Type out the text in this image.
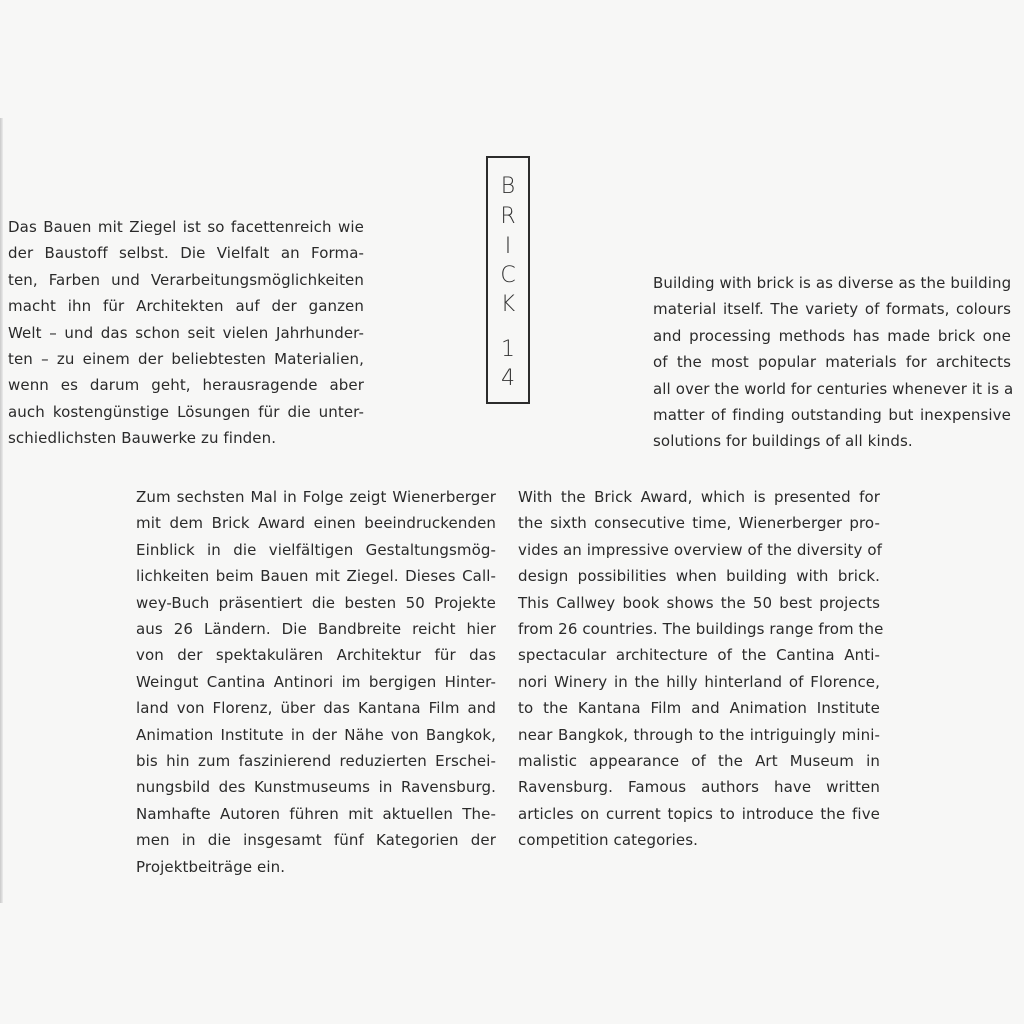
B
R
I
C
K
1
4
Das Bauen mit Ziegel ist so facettenreich wie
der Baustoff selbst. Die Vielfalt an Forma-
ten, Farben und Verarbeitungsmöglichkeiten
macht ihn für Architekten auf der ganzen
Welt – und das schon seit vielen Jahrhunder-
ten – zu einem der beliebtesten Materialien,
wenn es darum geht, herausragende aber
auch kostengünstige Lösungen für die unter-
schiedlichsten Bauwerke zu finden.
Building with brick is as diverse as the building
material itself. The variety of formats, colours
and processing methods has made brick one
of the most popular materials for architects
all over the world for centuries whenever it is a
matter of finding outstanding but inexpensive
solutions for buildings of all kinds.
Zum sechsten Mal in Folge zeigt Wienerberger
mit dem Brick Award einen beeindruckenden
Einblick in die vielfältigen Gestaltungsmög-
lichkeiten beim Bauen mit Ziegel. Dieses Call-
wey-Buch präsentiert die besten 50 Projekte
aus 26 Ländern. Die Bandbreite reicht hier
von der spektakulären Architektur für das
Weingut Cantina Antinori im bergigen Hinter-
land von Florenz, über das Kantana Film and
Animation Institute in der Nähe von Bangkok,
bis hin zum faszinierend reduzierten Erschei-
nungsbild des Kunstmuseums in Ravensburg.
Namhafte Autoren führen mit aktuellen The-
men in die insgesamt fünf Kategorien der
Projektbeiträge ein.
With the Brick Award, which is presented for
the sixth consecutive time, Wienerberger pro-
vides an impressive overview of the diversity of
design possibilities when building with brick.
This Callwey book shows the 50 best projects
from 26 countries. The buildings range from the
spectacular architecture of the Cantina Anti-
nori Winery in the hilly hinterland of Florence,
to the Kantana Film and Animation Institute
near Bangkok, through to the intriguingly mini-
malistic appearance of the Art Museum in
Ravensburg. Famous authors have written
articles on current topics to introduce the five
competition categories.
